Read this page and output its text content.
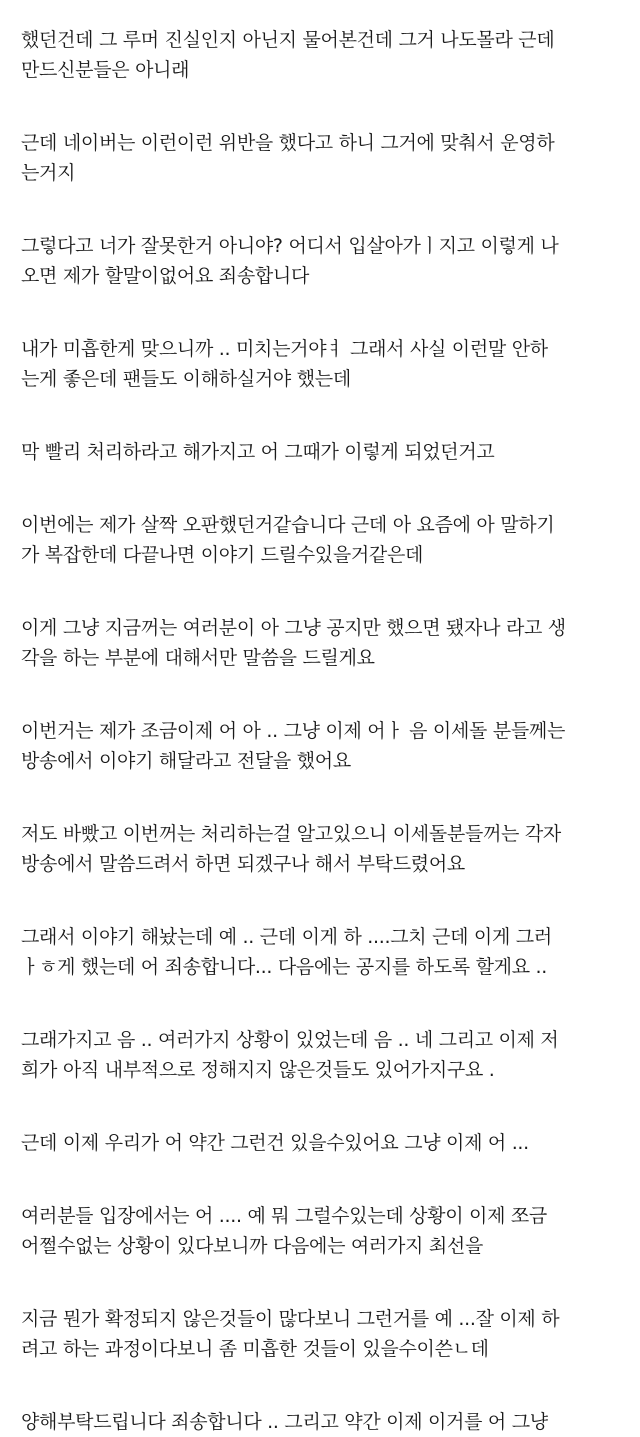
했던건데 그 루머 진실인지 아닌지 물어본건데 그거 나도몰라 근데
만드신분들은 아니래
근데 네이버는 이런이런 위반을 했다고 하니 그거에 맞춰서 운영하
는거지
그렇다고 너가 잘못한거 아니야? 어디서 입살아가ㅣ지고 이렇게 나
오면 제가 할말이없어요 죄송합니다
내가 미흡한게 맞으니까 .. 미치는거야ㅕ 그래서 사실 이런말 안하
는게 좋은데 팬들도 이해하실거야 했는데
막 빨리 처리하라고 해가지고 어 그때가 이렇게 되었던거고
이번에는 제가 살짝 오판했던거같습니다 근데 아 요즘에 아 말하기
가 복잡한데 다끝나면 이야기 드릴수있을거같은데
이게 그냥 지금꺼는 여러분이 아 그냥 공지만 했으면 됐자나 라고 생
각을 하는 부분에 대해서만 말씀을 드릴게요
이번거는 제가 조금이제 어 아 .. 그냥 이제 어ㅏ 음 이세돌 분들께는
방송에서 이야기 해달라고 전달을 했어요
저도 바빴고 이번꺼는 처리하는걸 알고있으니 이세돌분들꺼는 각자
방송에서 말씀드려서 하면 되겠구나 해서 부탁드렸어요
그래서 이야기 해놨는데 예 .. 근데 이게 하 ....그치 근데 이게 그러
ㅏㅎ게 했는데 어 죄송합니다... 다음에는 공지를 하도록 할게요 ..
그래가지고 음 .. 여러가지 상황이 있었는데 음 .. 네 그리고 이제 저
희가 아직 내부적으로 정해지지 않은것들도 있어가지구요 .
근데 이제 우리가 어 약간 그런건 있을수있어요 그냥 이제 어 ...
여러분들 입장에서는 어 .... 예 뭐 그럴수있는데 상황이 이제 쪼금
어쩔수없는 상황이 있다보니까 다음에는 여러가지 최선을
지금 뭔가 확정되지 않은것들이 많다보니 그런거를 예 ...잘 이제 하
려고 하는 과정이다보니 좀 미흡한 것들이 있을수이쓴ㄴ데
양해부탁드립니다 죄송합니다 .. 그리고 약간 이제 이거를 어 그냥
